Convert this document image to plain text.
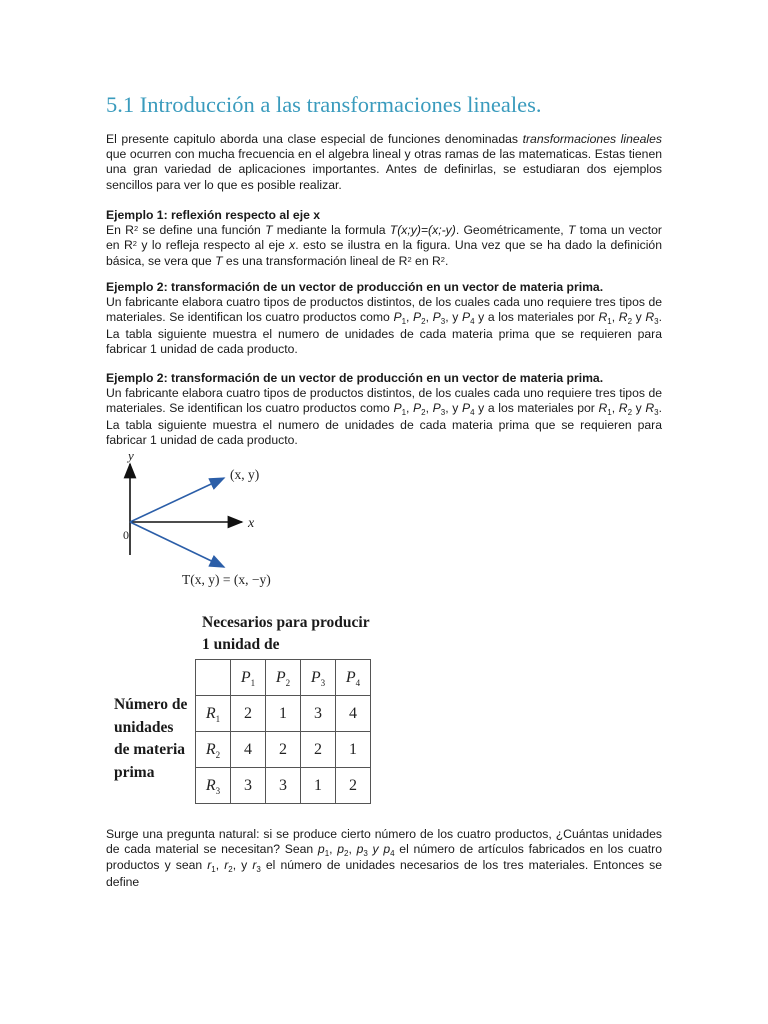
5.1 Introducción a las transformaciones lineales.

El presente capitulo aborda una clase especial de funciones denominadas transformaciones lineales que ocurren con mucha frecuencia en el algebra lineal y otras ramas de las matematicas. Estas tienen una gran variedad de aplicaciones importantes. Antes de definirlas, se estudiaran dos ejemplos sencillos para ver lo que es posible realizar.

Ejemplo 1: reflexión respecto al eje x

En $R^2$ se define una función T mediante la formula T(x;y)=(x;-y). Geométricamente, T toma un vector en $R^2$ y lo refleja respecto al eje x. esto se ilustra en la figura. Una vez que se ha dado la definición básica, se vera que T es una transformación lineal de $R^2$ en $R^2$.

Ejemplo 2: transformación de un vector de producción en un vector de materia prima.

Un fabricante elabora cuatro tipos de productos distintos, de los cuales cada uno requiere tres tipos de materiales. Se identifican los cuatro productos como $P_1$, $P_2$, $P_3$, y $P_4$ y a los materiales por $R_1$, $R_2$ y $R_3$. La tabla siguiente muestra el numero de unidades de cada materia prima que se requieren para fabricar 1 unidad de cada producto.

Ejemplo 2: transformación de un vector de producción en un vector de materia prima.

Un fabricante elabora cuatro tipos de productos distintos, de los cuales cada uno requiere tres tipos de materiales. Se identifican los cuatro productos como $P_1$, $P_2$, $P_3$, y $P_4$ y a los materiales por $R_1$, $R_2$ y $R_3$. La tabla siguiente muestra el numero de unidades de cada materia prima que se requieren para fabricar 1 unidad de cada producto.

y
x
0
(x, y)
T(x, y) = (x, −y)

Necesarios para producir

1 unidad de

Número de
unidades
de materia
prima
	$P_1$	$P_2$	$P_3$	$P_4$
$R_1$	2	1	3	4
$R_2$	4	2	2	1
$R_3$	3	3	1	2

Surge una pregunta natural: si se produce cierto número de los cuatro productos, ¿Cuántas unidades de cada material se necesitan? Sean $p_1$, $p_2$, $p_3$ y $p_4$ el número de artículos fabricados en los cuatro productos y sean $r_1$, $r_2$, y $r_3$ el número de unidades necesarios de los tres materiales. Entonces se define
